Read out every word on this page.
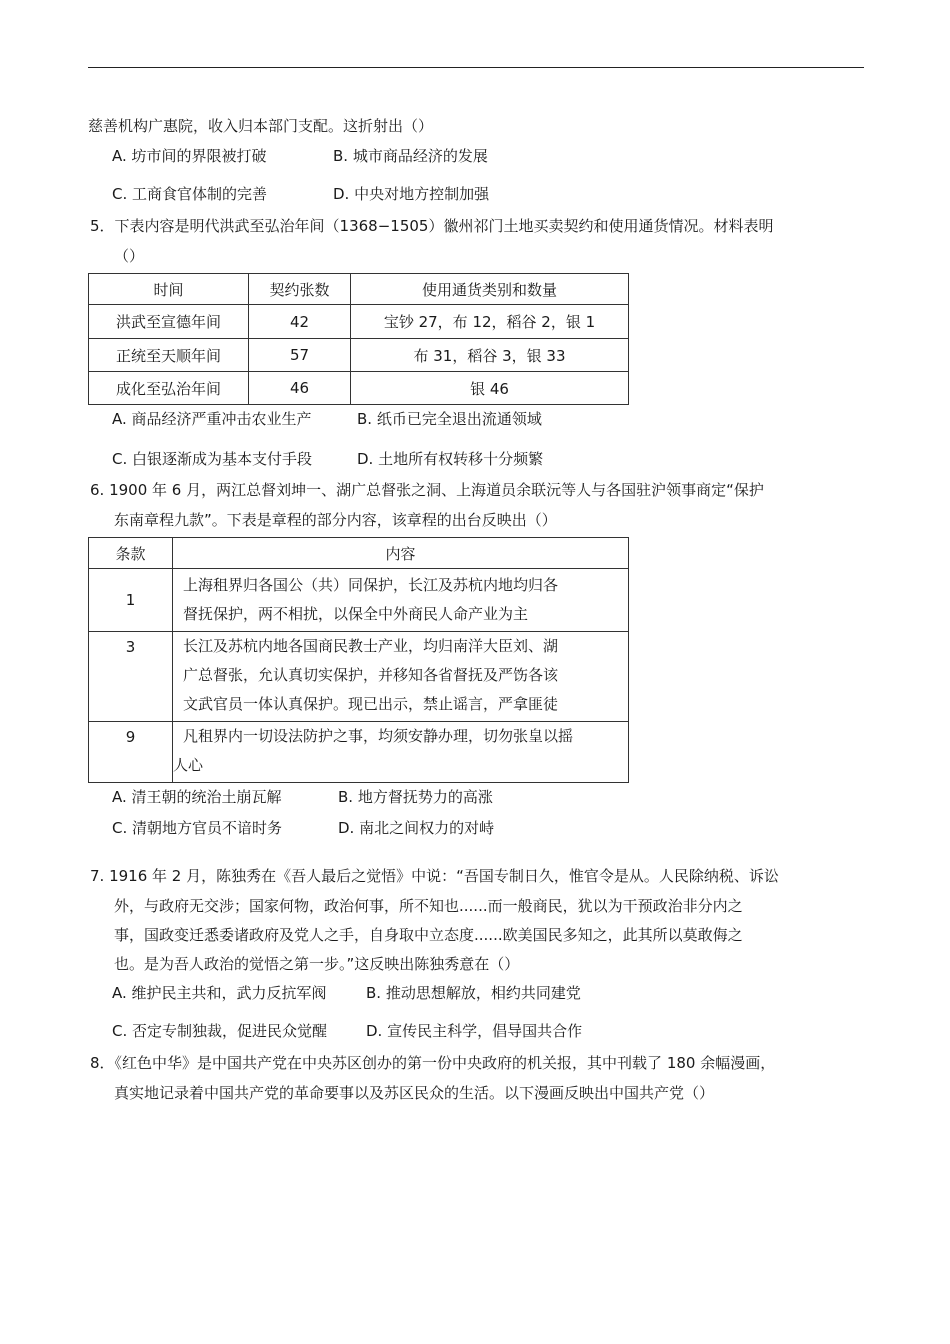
慈善机构广惠院，收入归本部门支配。这折射出（）
A. 坊市间的界限被打破	B. 城市商品经济的发展
C. 工商食官体制的完善	D. 中央对地方控制加强
5．下表内容是明代洪武至弘治年间（1368−1505）徽州祁门土地买卖契约和使用通货情况。材料表明
（）
时间	契约张数	使用通货类别和数量
洪武至宣德年间	42	宝钞 27，布 12，稻谷 2，银 1
正统至天顺年间	57	布 31，稻谷 3，银 33
成化至弘治年间	46	银 46
A. 商品经济严重冲击农业生产	B. 纸币已完全退出流通领域
C. 白银逐渐成为基本支付手段	D. 土地所有权转移十分频繁
6. 1900 年 6 月，两江总督刘坤一、湖广总督张之洞、上海道员余联沅等人与各国驻沪领事商定“保护
东南章程九款”。下表是章程的部分内容，该章程的出台反映出（）
条款	内容
1	上海租界归各国公（共）同保护，长江及苏杭内地均归各
督抚保护，两不相扰，以保全中外商民人命产业为主

3	长江及苏杭内地各国商民教士产业，均归南洋大臣刘、湖
广总督张，允认真切实保护，并移知各省督抚及严饬各该
文武官员一体认真保护。现已出示，禁止谣言，严拿匪徒

9	凡租界内一切设法防护之事，均须安静办理，切勿张皇以摇
人心
A. 清王朝的统治土崩瓦解	B. 地方督抚势力的高涨
C. 清朝地方官员不谙时务	D. 南北之间权力的对峙
7. 1916 年 2 月，陈独秀在《吾人最后之觉悟》中说：“吾国专制日久，惟官令是从。人民除纳税、诉讼
外，与政府无交涉；国家何物，政治何事，所不知也......而一般商民，犹以为干预政治非分内之
事，国政变迁悉委诸政府及党人之手，自身取中立态度......欧美国民多知之，此其所以莫敢侮之
也。是为吾人政治的觉悟之第一步。”这反映出陈独秀意在（）
A. 维护民主共和，武力反抗军阀	B. 推动思想解放，相约共同建党
C. 否定专制独裁，促进民众觉醒	D. 宣传民主科学，倡导国共合作
8．《红色中华》是中国共产党在中央苏区创办的第一份中央政府的机关报，其中刊载了 180 余幅漫画，
真实地记录着中国共产党的革命要事以及苏区民众的生活。以下漫画反映出中国共产党（）
